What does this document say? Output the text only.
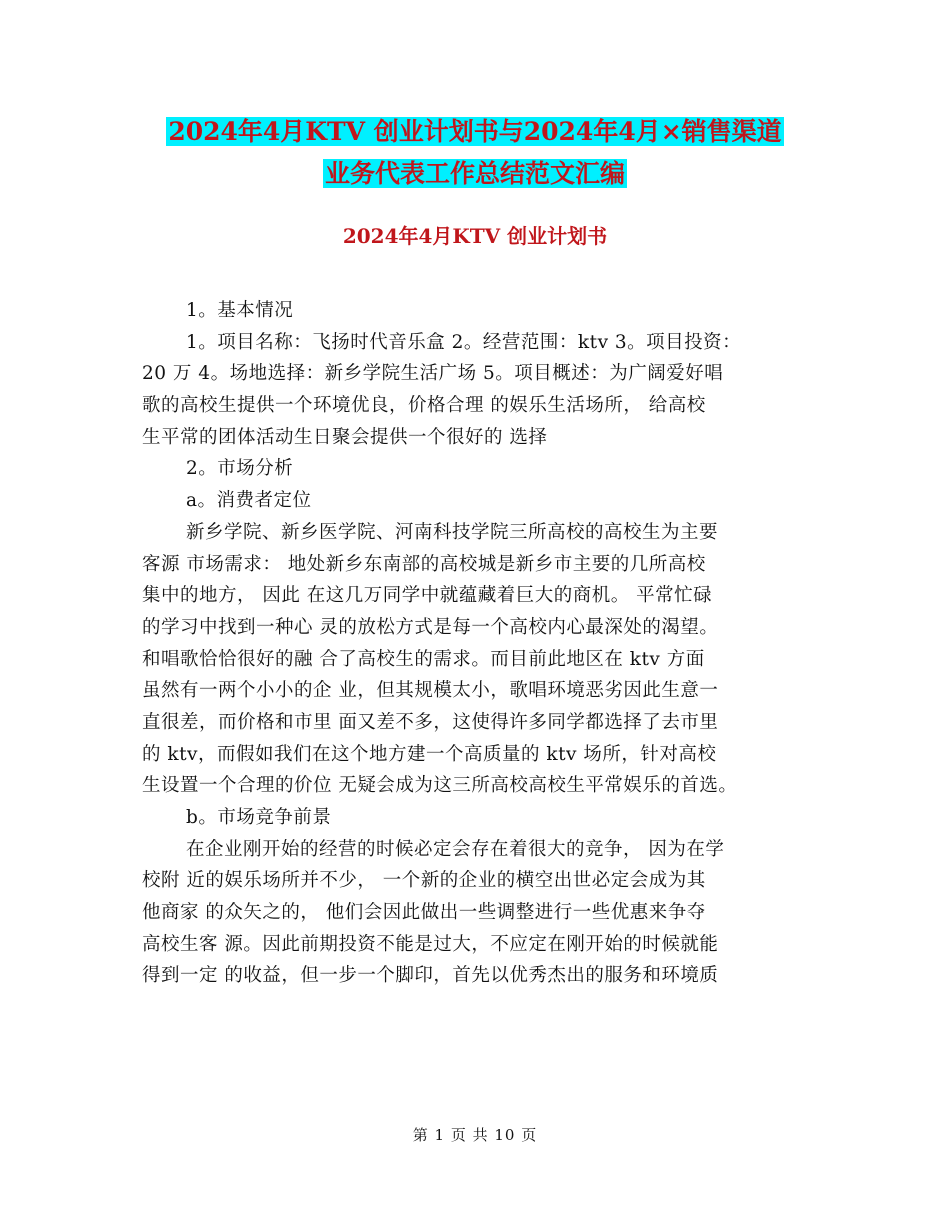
2024年4月KTV 创业计划书与2024年4月×销售渠道
业务代表工作总结范文汇编
2024年4月KTV 创业计划书
1。基本情况
1。项目名称：飞扬时代音乐盒 2。经营范围：ktv 3。项目投资：
20 万 4。场地选择：新乡学院生活广场 5。项目概述：为广阔爱好唱
歌的高校生提供一个环境优良，价格合理 的娱乐生活场所， 给高校
生平常的团体活动生日聚会提供一个很好的 选择
2。市场分析
a。消费者定位
新乡学院、新乡医学院、河南科技学院三所高校的高校生为主要
客源 市场需求： 地处新乡东南部的高校城是新乡市主要的几所高校
集中的地方， 因此 在这几万同学中就蕴藏着巨大的商机。 平常忙碌
的学习中找到一种心 灵的放松方式是每一个高校内心最深处的渴望。
和唱歌恰恰很好的融 合了高校生的需求。而目前此地区在 ktv 方面
虽然有一两个小小的企 业，但其规模太小，歌唱环境恶劣因此生意一
直很差，而价格和市里 面又差不多，这使得许多同学都选择了去市里
的 ktv，而假如我们在这个地方建一个高质量的 ktv 场所，针对高校
生设置一个合理的价位 无疑会成为这三所高校高校生平常娱乐的首选。
b。市场竞争前景
在企业刚开始的经营的时候必定会存在着很大的竞争， 因为在学
校附 近的娱乐场所并不少， 一个新的企业的横空出世必定会成为其
他商家 的众矢之的， 他们会因此做出一些调整进行一些优惠来争夺
高校生客 源。因此前期投资不能是过大，不应定在刚开始的时候就能
得到一定 的收益，但一步一个脚印，首先以优秀杰出的服务和环境质
第 1 页 共 10 页
